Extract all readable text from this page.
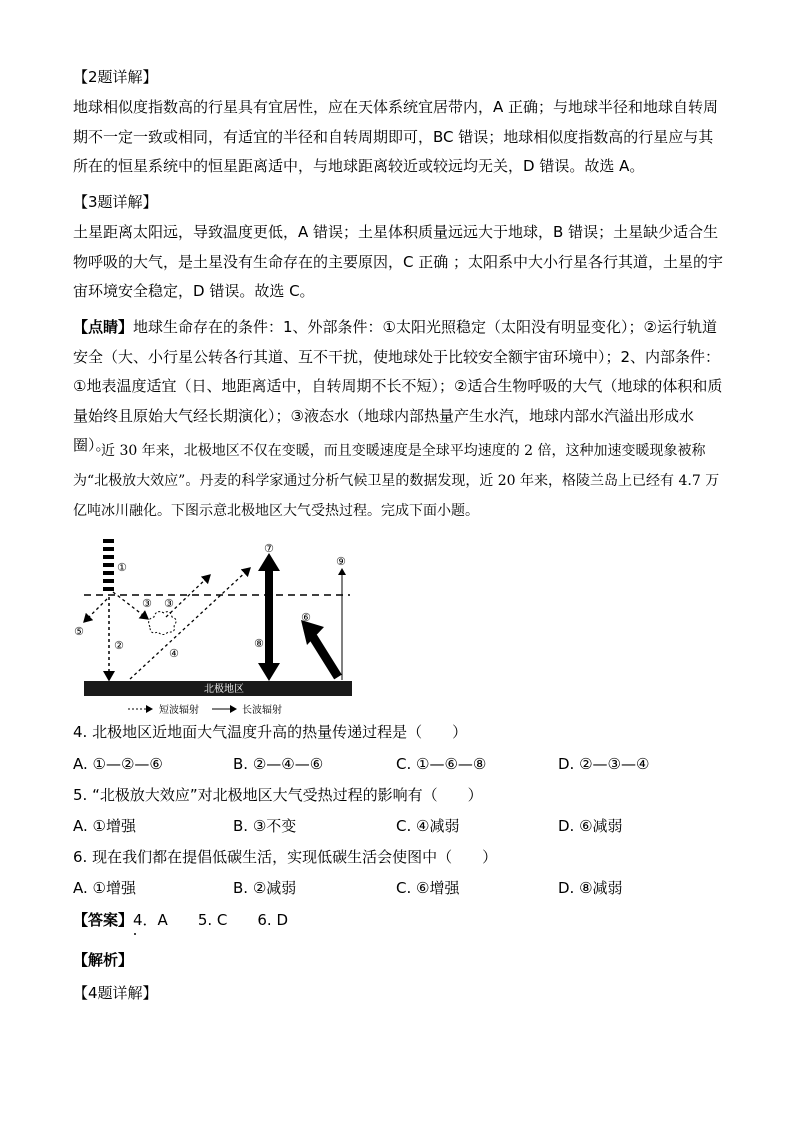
【2题详解】
地球相似度指数高的行星具有宜居性，应在天体系统宜居带内，A 正确；与地球半径和地球自转周期不一定一致或相同，有适宜的半径和自转周期即可，BC 错误；地球相似度指数高的行星应与其所在的恒星系统中的恒星距离适中，与地球距离较近或较远均无关，D 错误。故选 A。
【3题详解】
土星距离太阳远，导致温度更低，A 错误；土星体积质量远远大于地球，B 错误；土星缺少适合生物呼吸的大气，是土星没有生命存在的主要原因，C 正确 ；太阳系中大小行星各行其道，土星的宇宙环境安全稳定，D 错误。故选 C。
【点睛】地球生命存在的条件：1、外部条件：①太阳光照稳定（太阳没有明显变化）；②运行轨道安全（大、小行星公转各行其道、互不干扰，使地球处于比较安全额宇宙环境中）；2、内部条件：①地表温度适宜（日、地距离适中，自转周期不长不短）；②适合生物呼吸的大气（地球的体积和质量始终且原始大气经长期演化）；③液态水（地球内部热量产生水汽，地球内部水汽溢出形成水圈）。
近 30 年来，北极地区不仅在变暖，而且变暖速度是全球平均速度的 2 倍，这种加速变暖现象被称为“北极放大效应”。丹麦的科学家通过分析气候卫星的数据发现，近 20 年来，格陵兰岛上已经有 4.7 万亿吨冰川融化。下图示意北极地区大气受热过程。完成下面小题。
①
②
③ ③
④
⑤
⑥
⑦
⑧
⑨
北极地区
短波辐射	长波辐射
4. 北极地区近地面大气温度升高的热量传递过程是（　　）
A. ①—②—⑥	B. ②—④—⑥	C. ①—⑥—⑧	D. ②—③—④
5. “北极放大效应”对北极地区大气受热过程的影响有（　　）
A. ①增强	B. ③不变	C. ④减弱	D. ⑥减弱
6. 现在我们都在提倡低碳生活，实现低碳生活会使图中（　　）
A. ①增强	B. ②减弱	C. ⑥增强	D. ⑧减弱
【答案】4．A　　5. C　　6. D
【解析】
【4题详解】
